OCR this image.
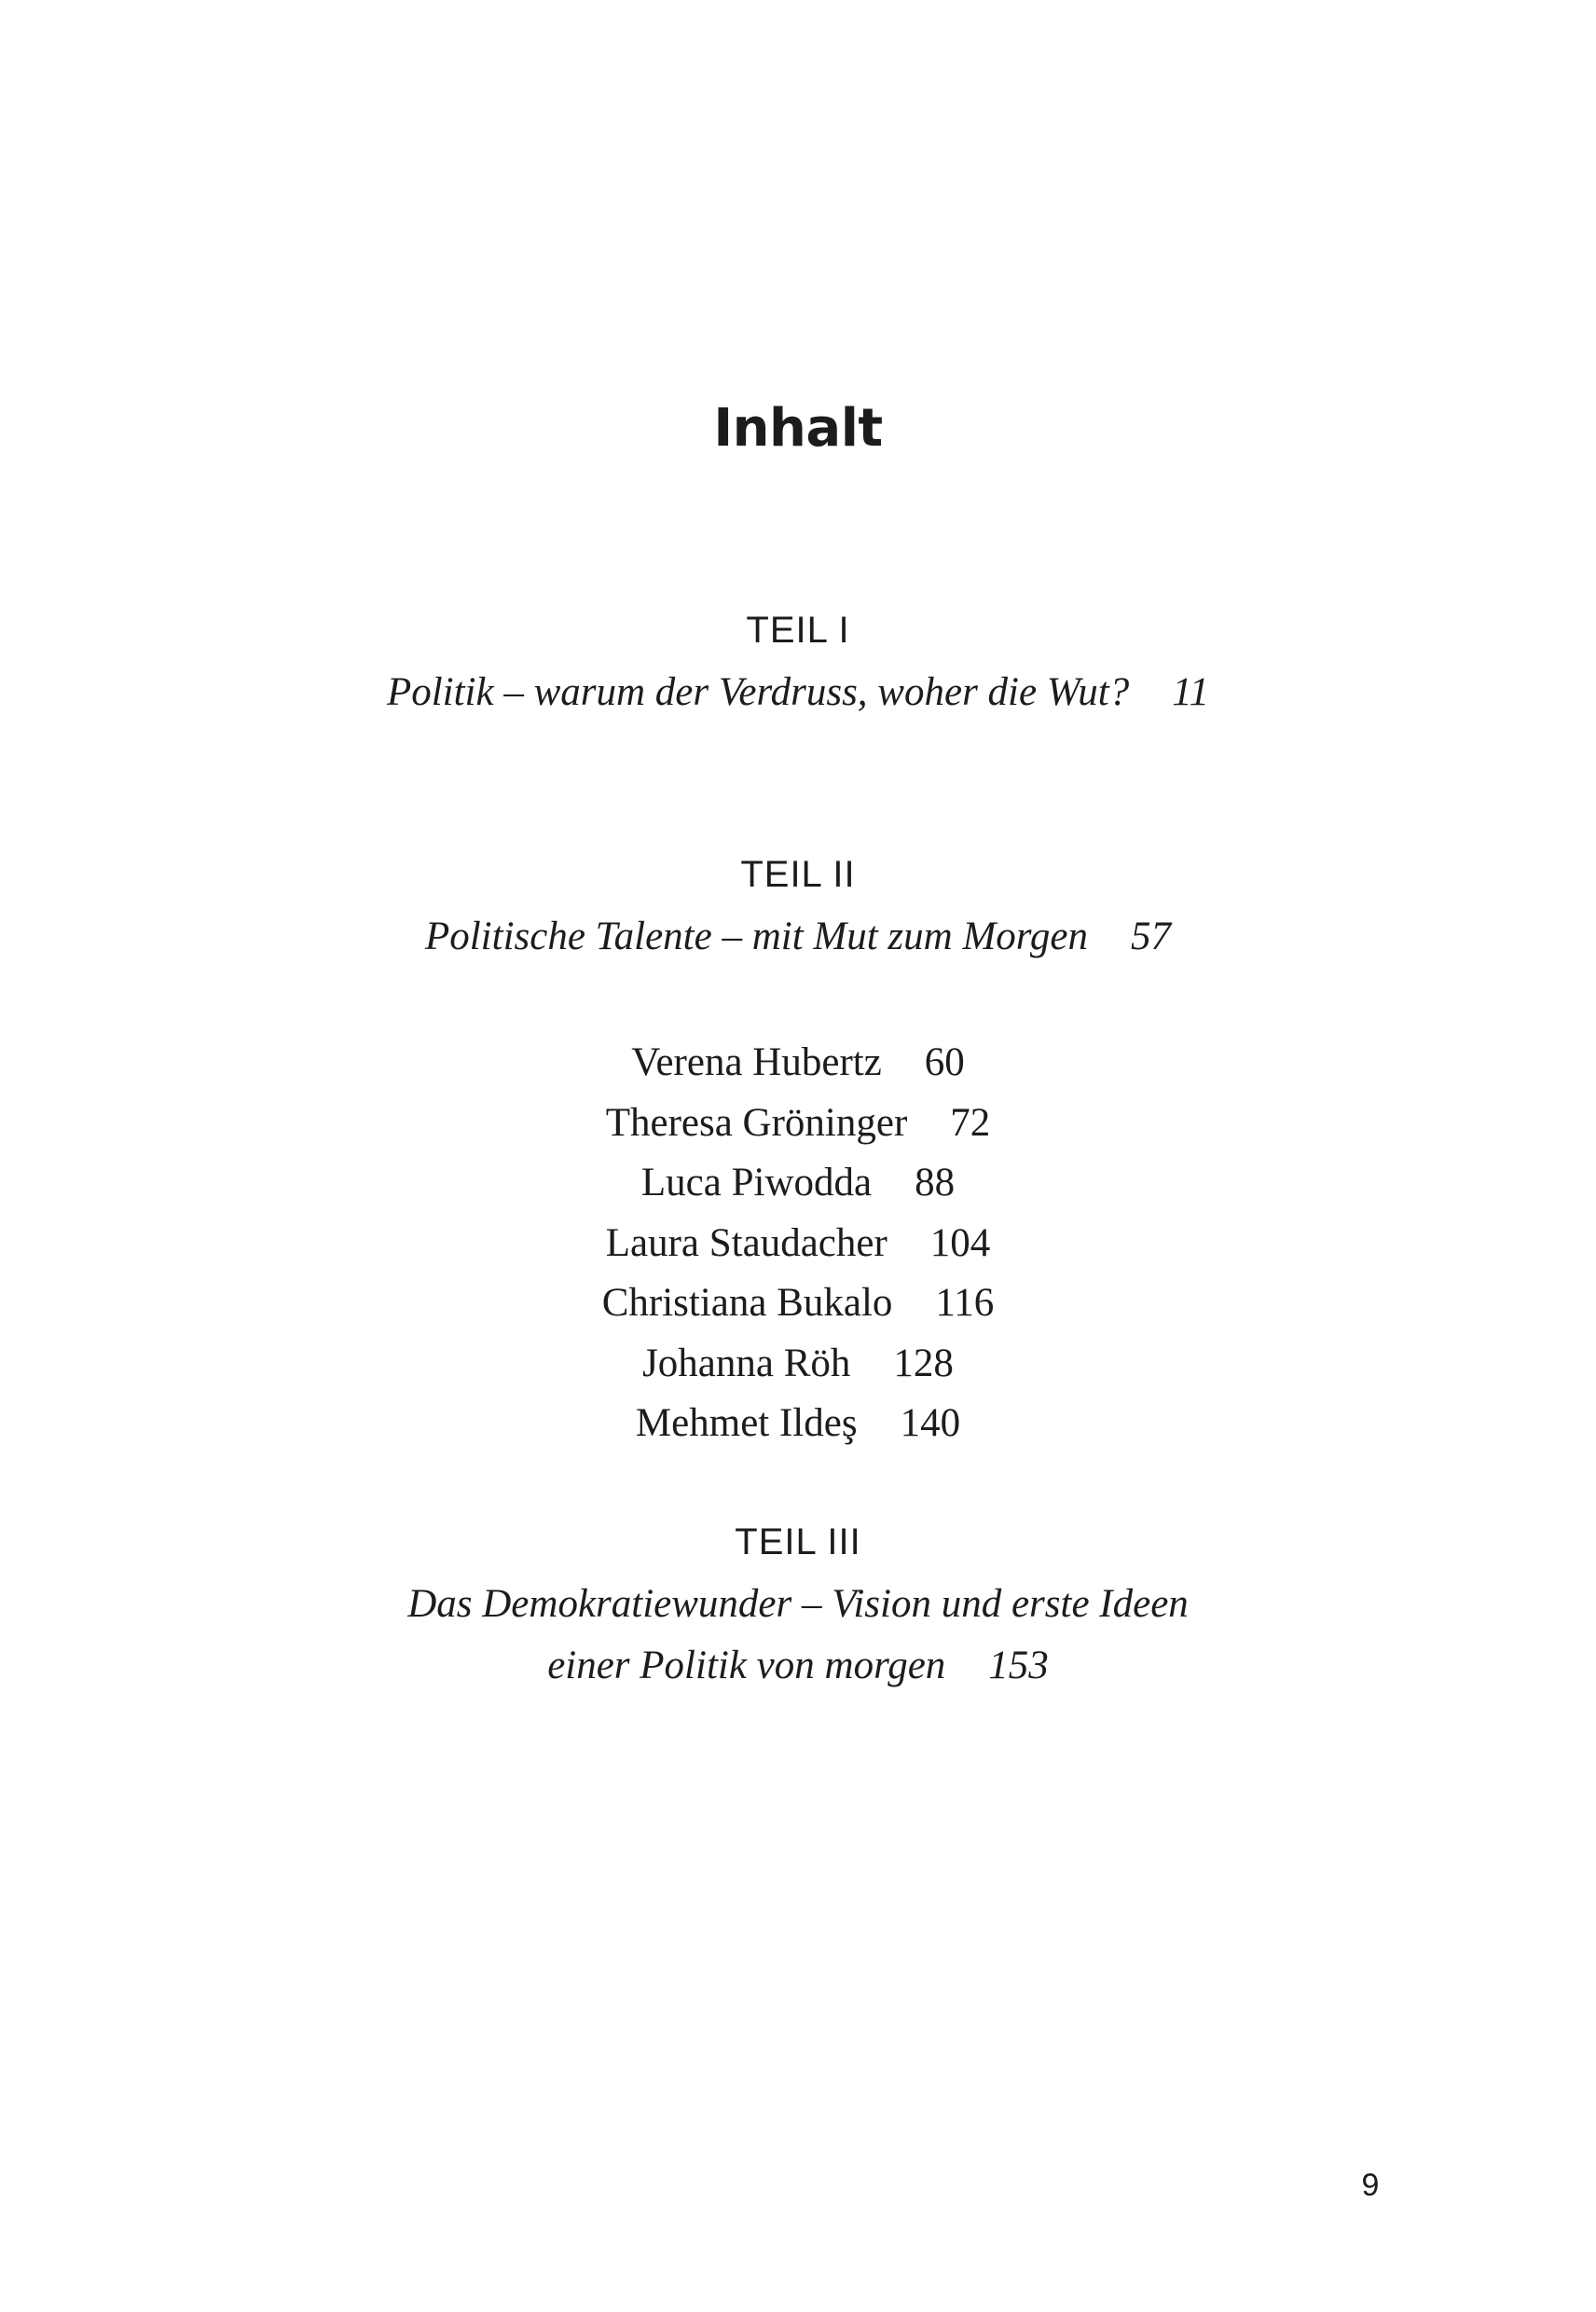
Inhalt
TEIL I
Politik – warum der Verdruss, woher die Wut? 11
TEIL II
Politische Talente – mit Mut zum Morgen 57
Verena Hubertz 60
Theresa Gröninger 72
Luca Piwodda 88
Laura Staudacher 104
Christiana Bukalo 116
Johanna Röh 128
Mehmet Ildeş 140
TEIL III
Das Demokratiewunder – Vision und erste Ideen
einer Politik von morgen 153
9
